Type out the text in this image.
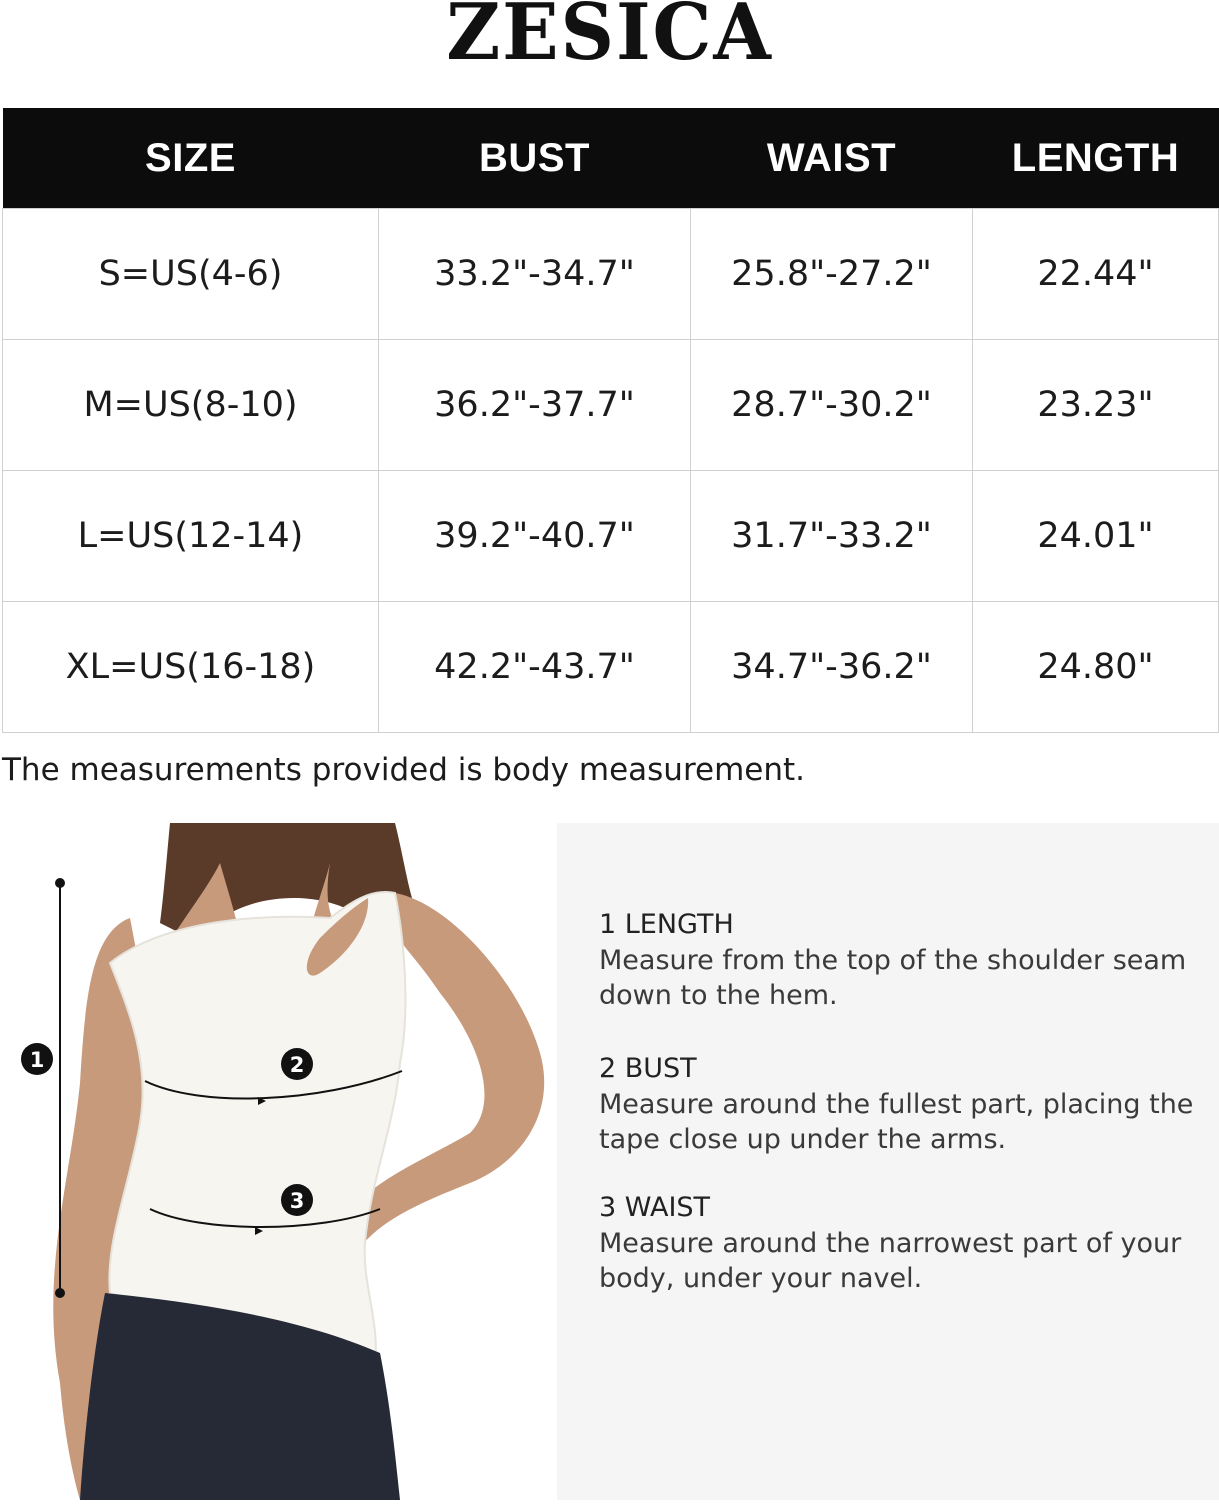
ZESICA
SIZE	BUST	WAIST	LENGTH
S=US(4-6)	33.2"-34.7"	25.8"-27.2"	22.44"
M=US(8-10)	36.2"-37.7"	28.7"-30.2"	23.23"
L=US(12-14)	39.2"-40.7"	31.7"-33.2"	24.01"
XL=US(16-18)	42.2"-43.7"	34.7"-36.2"	24.80"
The measurements provided is body measurement.
1	2
3
1 LENGTH
Measure from the top of the shoulder seam down to the hem.
2 BUST
Measure around the fullest part, placing the tape close up under the arms.
3 WAIST
Measure around the narrowest part of your body, under your navel.
